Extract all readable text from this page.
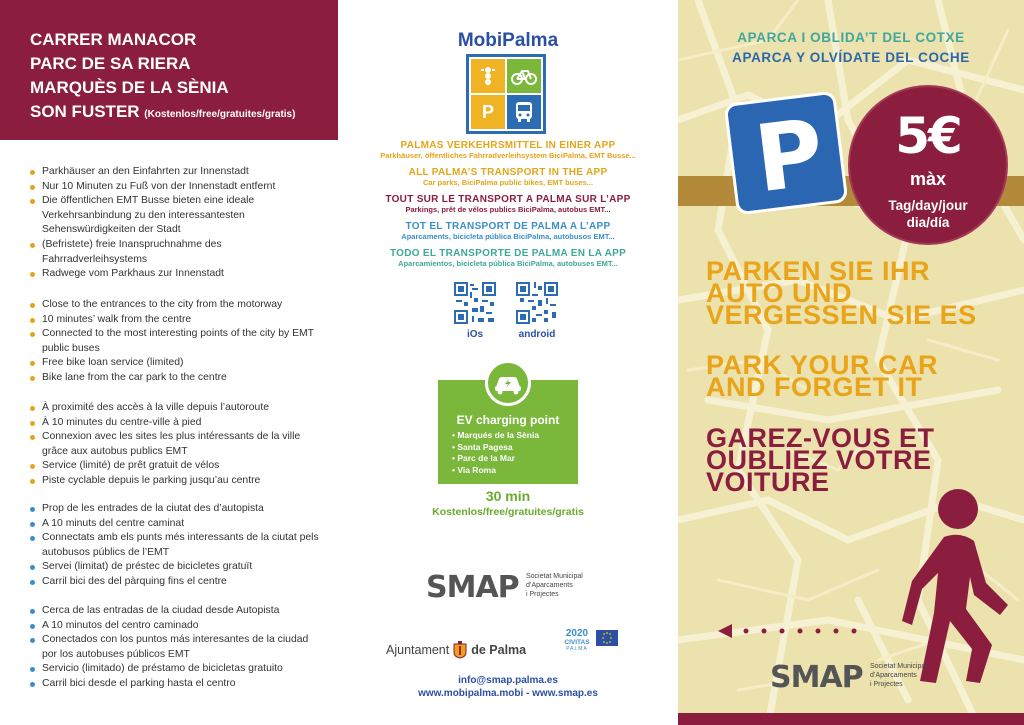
CARRER MANACOR
PARC DE SA RIERA
MARQUÈS DE LA SÈNIA
SON FUSTER (Kostenlos/free/gratuites/gratis)
Parkhäuser an den Einfahrten zur Innenstadt
Nur 10 Minuten zu Fuß von der Innenstadt entfernt
Die öffentlichen EMT Busse bieten eine ideale Verkehrsanbindung zu den interessantesten Sehenswürdigkeiten der Stadt
(Befristete) freie Inanspruchnahme des Fahrradverleihsystems
Radwege vom Parkhaus zur Innenstadt
Close to the entrances to the city from the motorway
10 minutes’ walk from the centre
Connected to the most interesting points of the city by EMT public buses
Free bike loan service (limited)
Bike lane from the car park to the centre
À proximité des accès à la ville depuis l’autoroute
À 10 minutes du centre-ville à pied
Connexion avec les sites les plus intéressants de la ville grâce aux autobus publics EMT
Service (limité) de prêt gratuit de vélos
Piste cyclable depuis le parking jusqu’au centre
Prop de les entrades de la ciutat des d’autopista
A 10 minuts del centre caminat
Connectats amb els punts més interessants de la ciutat pels autobusos públics de l’EMT
Servei (limitat) de préstec de bicicletes gratuït
Carril bici des del pàrquing fins el centre
Cerca de las entradas de la ciudad desde Autopista
A 10 minutos del centro caminado
Conectados con los puntos más interesantes de la ciudad por los autobuses públicos EMT
Servicio (limitado) de préstamo de bicicletas gratuito
Carril bici desde el parking hasta el centro
MobiPalma
P
PALMAS VERKEHRSMITTEL IN EINER APP
Parkhäuser, öffentliches Fahrradverleihsystem BiciPalma, EMT Busse...
ALL PALMA’S TRANSPORT IN THE APP
Car parks, BiciPalma public bikes, EMT buses...
TOUT SUR LE TRANSPORT A PALMA SUR L’APP
Parkings, prêt de vélos publics BiciPalma, autobus EMT...
TOT EL TRANSPORT DE PALMA A L’APP
Aparcaments, bicicleta pública BiciPalma, autobusos EMT...
TODO EL TRANSPORTE DE PALMA EN LA APP
Aparcamientos, bicicleta pública BiciPalma, autobuses EMT...
iOs	android
EV charging point
• Marqués de la Sènia
• Santa Pagesa
• Parc de la Mar
• Via Roma
30 min
Kostenlos/free/gratuites/gratis
SMAP Societat Municipal
d’Aparcaments
i Projectes
Ajuntament de Palma
2020
CIVITAS
PALMA
info@smap.palma.es
www.mobipalma.mobi - www.smap.es
APARCA I OBLIDA’T DEL COTXE
APARCA Y OLVÍDATE DEL COCHE
P	5€
màx
Tag/day/jour
dia/día
PARKEN SIE IHR
AUTO UND
VERGESSEN SIE ES
PARK YOUR CAR
AND FORGET IT
GAREZ-VOUS ET
OUBLIEZ VOTRE
VOITURE
SMAP Societat Municipal
d’Aparcaments
i Projectes
